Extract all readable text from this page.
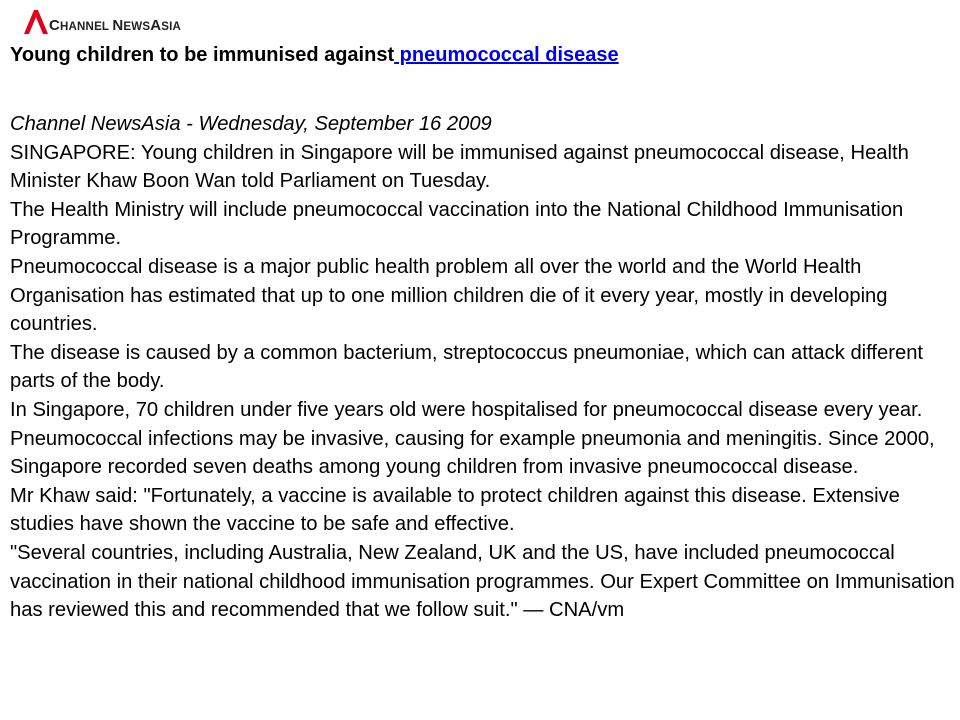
CHANNEL NEWSASIA
Young children to be immunised against pneumococcal disease

Channel NewsAsia - Wednesday, September 16 2009

SINGAPORE: Young children in Singapore will be immunised against pneumococcal disease, Health Minister Khaw Boon Wan told Parliament on Tuesday.

The Health Ministry will include pneumococcal vaccination into the National Childhood Immunisation Programme.

Pneumococcal disease is a major public health problem all over the world and the World Health Organisation has estimated that up to one million children die of it every year, mostly in developing countries.

The disease is caused by a common bacterium, streptococcus pneumoniae, which can attack different parts of the body.

In Singapore, 70 children under five years old were hospitalised for pneumococcal disease every year.

Pneumococcal infections may be invasive, causing for example pneumonia and meningitis. Since 2000, Singapore recorded seven deaths among young children from invasive pneumococcal disease.

Mr Khaw said: "Fortunately, a vaccine is available to protect children against this disease. Extensive studies have shown the vaccine to be safe and effective.

"Several countries, including Australia, New Zealand, UK and the US, have included pneumococcal vaccination in their national childhood immunisation programmes. Our Expert Committee on Immunisation has reviewed this and recommended that we follow suit." — CNA/vm
